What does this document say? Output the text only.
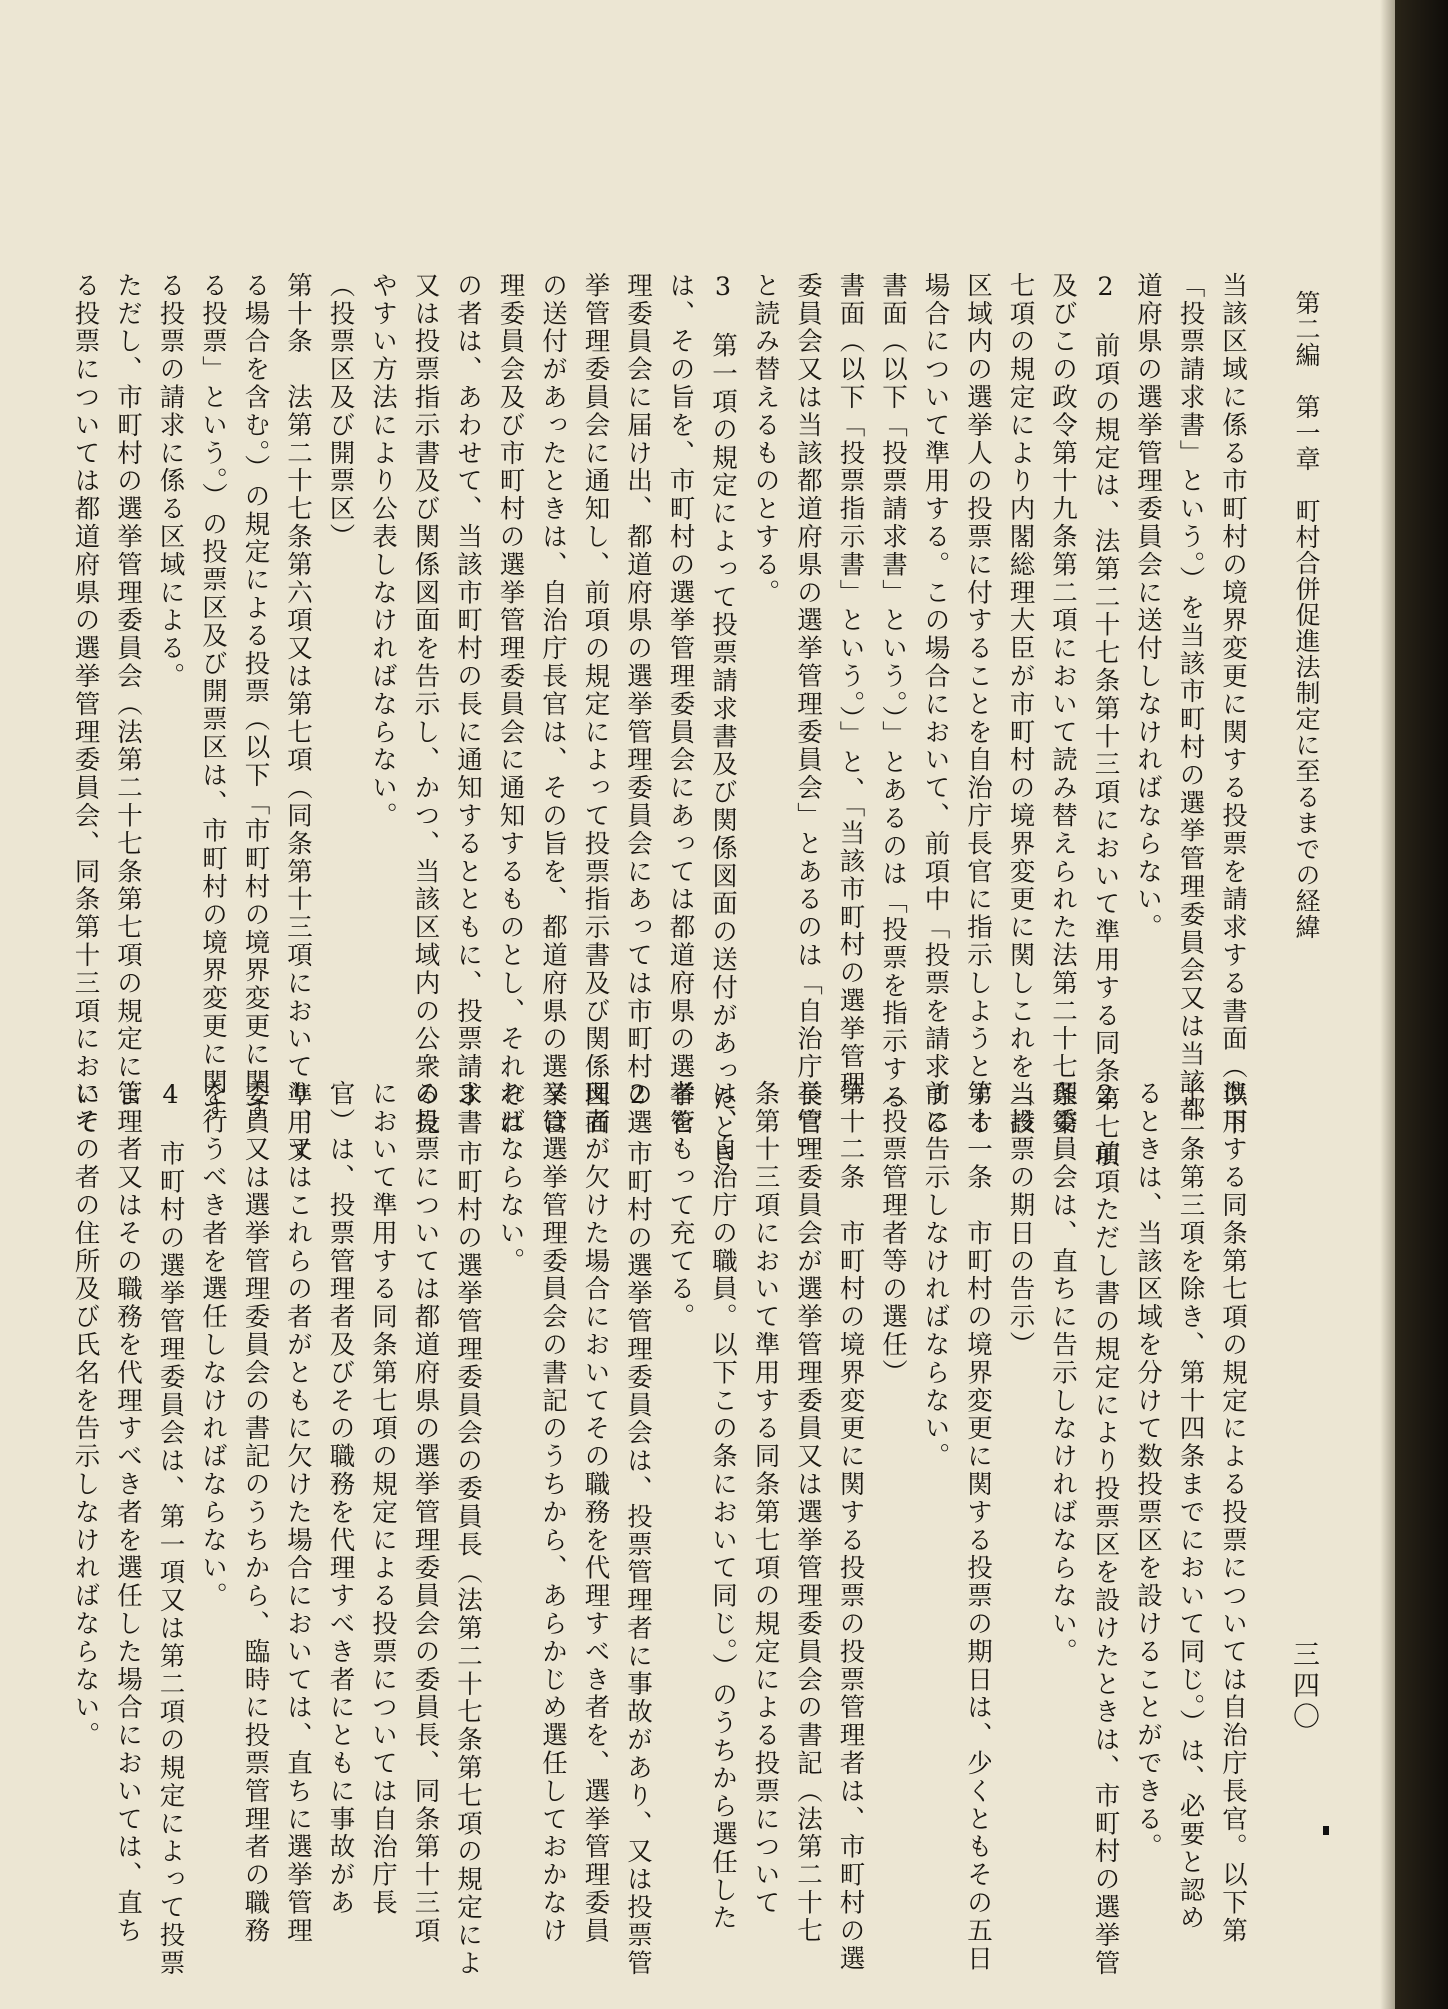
第二編　第一章　町村合併促進法制定に至るまでの経緯
三四〇

当該区域に係る市町村の境界変更に関する投票を請求する書面（以下

「投票請求書」という。）を当該市町村の選挙管理委員会又は当該都

道府県の選挙管理委員会に送付しなければならない。

2　前項の規定は、法第二十七条第十三項において準用する同条第七項

及びこの政令第十九条第二項において読み替えられた法第二十七条第

七項の規定により内閣総理大臣が市町村の境界変更に関しこれを当該

区域内の選挙人の投票に付することを自治庁長官に指示しようとする

場合について準用する。この場合において、前項中「投票を請求する

書面（以下「投票請求書」という。）」とあるのは「投票を指示する

書面（以下「投票指示書」という。）」と、「当該市町村の選挙管理

委員会又は当該都道府県の選挙管理委員会」とあるのは「自治庁長官」

と読み替えるものとする。

3　第一項の規定によって投票請求書及び関係図面の送付があったとき

は、その旨を、市町村の選挙管理委員会にあっては都道府県の選挙管

理委員会に届け出、都道府県の選挙管理委員会にあっては市町村の選

挙管理委員会に通知し、前項の規定によって投票指示書及び関係図面

の送付があったときは、自治庁長官は、その旨を、都道府県の選挙管

理委員会及び市町村の選挙管理委員会に通知するものとし、それぞれ

の者は、あわせて、当該市町村の長に通知するとともに、投票請求書

又は投票指示書及び関係図面を告示し、かつ、当該区域内の公衆の見

やすい方法により公表しなければならない。

（投票区及び開票区）

第十条　法第二十七条第六項又は第七項（同条第十三項において準用す

る場合を含む。）の規定による投票（以下「市町村の境界変更に関す

る投票」という。）の投票区及び開票区は、市町村の境界変更に関す

る投票の請求に係る区域による。

ただし、市町村の選挙管理委員会（法第二十七条第七項の規定によ

る投票については都道府県の選挙管理委員会、同条第十三項において

準用する同条第七項の規定による投票については自治庁長官。以下第

十二条第三項を除き、第十四条までにおいて同じ。）は、必要と認め

るときは、当該区域を分けて数投票区を設けることができる。

2　前項ただし書の規定により投票区を設けたときは、市町村の選挙管

理委員会は、直ちに告示しなければならない。

（投票の期日の告示）

第十一条　市町村の境界変更に関する投票の期日は、少くともその五日

前に告示しなければならない。

（投票管理者等の選任）

第十二条　市町村の境界変更に関する投票の投票管理者は、市町村の選

挙管理委員会が選挙管理委員又は選挙管理委員会の書記（法第二十七

条第十三項において準用する同条第七項の規定による投票について

は、自治庁の職員。以下この条において同じ。）のうちから選任した

者をもって充てる。

2　市町村の選挙管理委員会は、投票管理者に事故があり、又は投票管

理者が欠けた場合においてその職務を代理すべき者を、選挙管理委員

又は選挙管理委員会の書記のうちから、あらかじめ選任しておかなけ

ればならない。

3　市町村の選挙管理委員会の委員長（法第二十七条第七項の規定によ

る投票については都道府県の選挙管理委員会の委員長、同条第十三項

において準用する同条第七項の規定による投票については自治庁長

官）は、投票管理者及びその職務を代理すべき者にともに事故があ

り、又はこれらの者がともに欠けた場合においては、直ちに選挙管理

委員又は選挙管理委員会の書記のうちから、臨時に投票管理者の職務

を行うべき者を選任しなければならない。

4　市町村の選挙管理委員会は、第一項又は第二項の規定によって投票

管理者又はその職務を代理すべき者を選任した場合においては、直ち

にその者の住所及び氏名を告示しなければならない。
